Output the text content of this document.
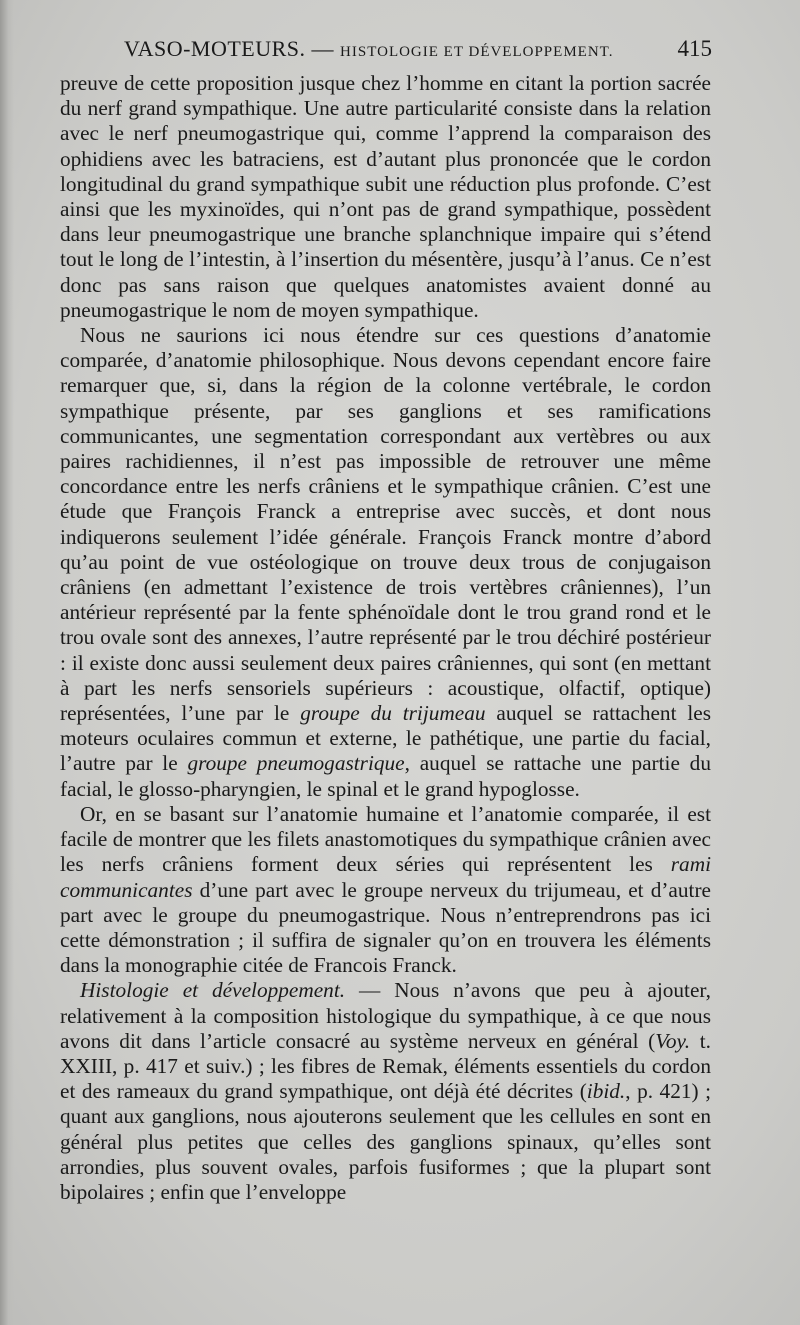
VASO-MOTEURS. — HISTOLOGIE ET DÉVELOPPEMENT.	415

preuve de cette proposition jusque chez l’homme en citant la portion sacrée du nerf grand sympathique. Une autre particularité consiste dans la relation avec le nerf pneumogastrique qui, comme l’apprend la comparaison des ophidiens avec les batraciens, est d’autant plus prononcée que le cordon longitudinal du grand sympathique subit une réduction plus profonde. C’est ainsi que les myxinoïdes, qui n’ont pas de grand sympathique, possèdent dans leur pneumogastrique une branche splanchnique impaire qui s’étend tout le long de l’intestin, à l’insertion du mésentère, jusqu’à l’anus. Ce n’est donc pas sans raison que quelques anatomistes avaient donné au pneumogastrique le nom de moyen sympathique.

Nous ne saurions ici nous étendre sur ces questions d’anatomie comparée, d’anatomie philosophique. Nous devons cependant encore faire remarquer que, si, dans la région de la colonne vertébrale, le cordon sympathique présente, par ses ganglions et ses ramifications communicantes, une segmentation correspondant aux vertèbres ou aux paires rachidiennes, il n’est pas impossible de retrouver une même concordance entre les nerfs crâniens et le sympathique crânien. C’est une étude que François Franck a entreprise avec succès, et dont nous indiquerons seulement l’idée générale. François Franck montre d’abord qu’au point de vue ostéologique on trouve deux trous de conjugaison crâniens (en admettant l’existence de trois vertèbres crâniennes), l’un antérieur représenté par la fente sphénoïdale dont le trou grand rond et le trou ovale sont des annexes, l’autre représenté par le trou déchiré postérieur : il existe donc aussi seulement deux paires crâniennes, qui sont (en mettant à part les nerfs sensoriels supérieurs : acoustique, olfactif, optique) représentées, l’une par le groupe du trijumeau auquel se rattachent les moteurs oculaires commun et externe, le pathétique, une partie du facial, l’autre par le groupe pneumogastrique, auquel se rattache une partie du facial, le glosso-pharyngien, le spinal et le grand hypoglosse.

Or, en se basant sur l’anatomie humaine et l’anatomie comparée, il est facile de montrer que les filets anastomotiques du sympathique crânien avec les nerfs crâniens forment deux séries qui représentent les rami communicantes d’une part avec le groupe nerveux du trijumeau, et d’autre part avec le groupe du pneumogastrique. Nous n’entreprendrons pas ici cette démonstration ; il suffira de signaler qu’on en trouvera les éléments dans la monographie citée de Francois Franck.

Histologie et développement. — Nous n’avons que peu à ajouter, relativement à la composition histologique du sympathique, à ce que nous avons dit dans l’article consacré au système nerveux en général (Voy. t. XXIII, p. 417 et suiv.) ; les fibres de Remak, éléments essentiels du cordon et des rameaux du grand sympathique, ont déjà été décrites (ibid., p. 421) ; quant aux ganglions, nous ajouterons seulement que les cellules en sont en général plus petites que celles des ganglions spinaux, qu’elles sont arrondies, plus souvent ovales, parfois fusiformes ; que la plupart sont bipolaires ; enfin que l’enveloppe
